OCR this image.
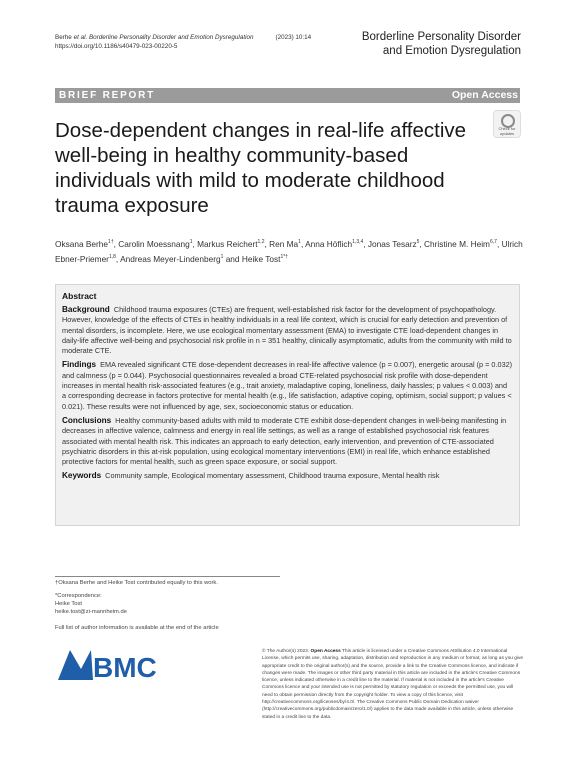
Berhe et al. Borderline Personality Disorder and Emotion Dysregulation	(2023) 10:14
https://doi.org/10.1186/s40479-023-00220-5
Borderline Personality Disorder
and Emotion Dysregulation
BRIEF REPORT	Open Access
Dose-dependent changes in real-life affective well-being in healthy community-based individuals with mild to moderate childhood trauma exposure
Check for updates
Oksana Berhe$^{1\dagger}$, Carolin Moessnang$^1$, Markus Reichert$^{1,2}$, Ren Ma$^1$, Anna Höflich$^{1,3,4}$, Jonas Tesarz$^5$, Christine M. Heim$^{6,7}$, Ulrich Ebner-Priemer$^{1,8}$, Andreas Meyer-Lindenberg$^1$ and Heike Tost$^{1*\dagger}$
Abstract
Background Childhood trauma exposures (CTEs) are frequent, well-established risk factor for the development of psychopathology. However, knowledge of the effects of CTEs in healthy individuals in a real life context, which is crucial for early detection and prevention of mental disorders, is incomplete. Here, we use ecological momentary assessment (EMA) to investigate CTE load-dependent changes in daily-life affective well-being and psychosocial risk profile in n = 351 healthy, clinically asymptomatic, adults from the community with mild to moderate CTE.
Findings EMA revealed significant CTE dose-dependent decreases in real-life affective valence (p = 0.007), energetic arousal (p = 0.032) and calmness (p = 0.044). Psychosocial questionnaires revealed a broad CTE-related psychosocial risk profile with dose-dependent increases in mental health risk-associated features (e.g., trait anxiety, maladaptive coping, loneliness, daily hassles; p values < 0.003) and a corresponding decrease in factors protective for mental health (e.g., life satisfaction, adaptive coping, optimism, social support; p values < 0.021). These results were not influenced by age, sex, socioeconomic status or education.
Conclusions Healthy community-based adults with mild to moderate CTE exhibit dose-dependent changes in well-being manifesting in decreases in affective valence, calmness and energy in real life settings, as well as a range of established psychosocial risk features associated with mental health risk. This indicates an approach to early detection, early intervention, and prevention of CTE-associated psychiatric disorders in this at-risk population, using ecological momentary interventions (EMI) in real life, which enhance established protective factors for mental health, such as green space exposure, or social support.
Keywords Community sample, Ecological momentary assessment, Childhood trauma exposure, Mental health risk
†Oksana Berhe and Heike Tost contributed equally to this work.
*Correspondence:
Heike Tost
heike.tost@zi-mannheim.de
Full list of author information is available at the end of the article
BMC
© The Author(s) 2023. Open Access This article is licensed under a Creative Commons Attribution 4.0 International License, which permits use, sharing, adaptation, distribution and reproduction in any medium or format, as long as you give appropriate credit to the original author(s) and the source, provide a link to the Creative Commons licence, and indicate if changes were made. The images or other third party material in this article are included in the article's Creative Commons licence, unless indicated otherwise in a credit line to the material. If material is not included in the article's Creative Commons licence and your intended use is not permitted by statutory regulation or exceeds the permitted use, you will need to obtain permission directly from the copyright holder. To view a copy of this licence, visit http://creativecommons.org/licenses/by/4.0/. The Creative Commons Public Domain Dedication waiver (http://creativecommons.org/publicdomain/zero/1.0/) applies to the data made available in this article, unless otherwise stated in a credit line to the data.
